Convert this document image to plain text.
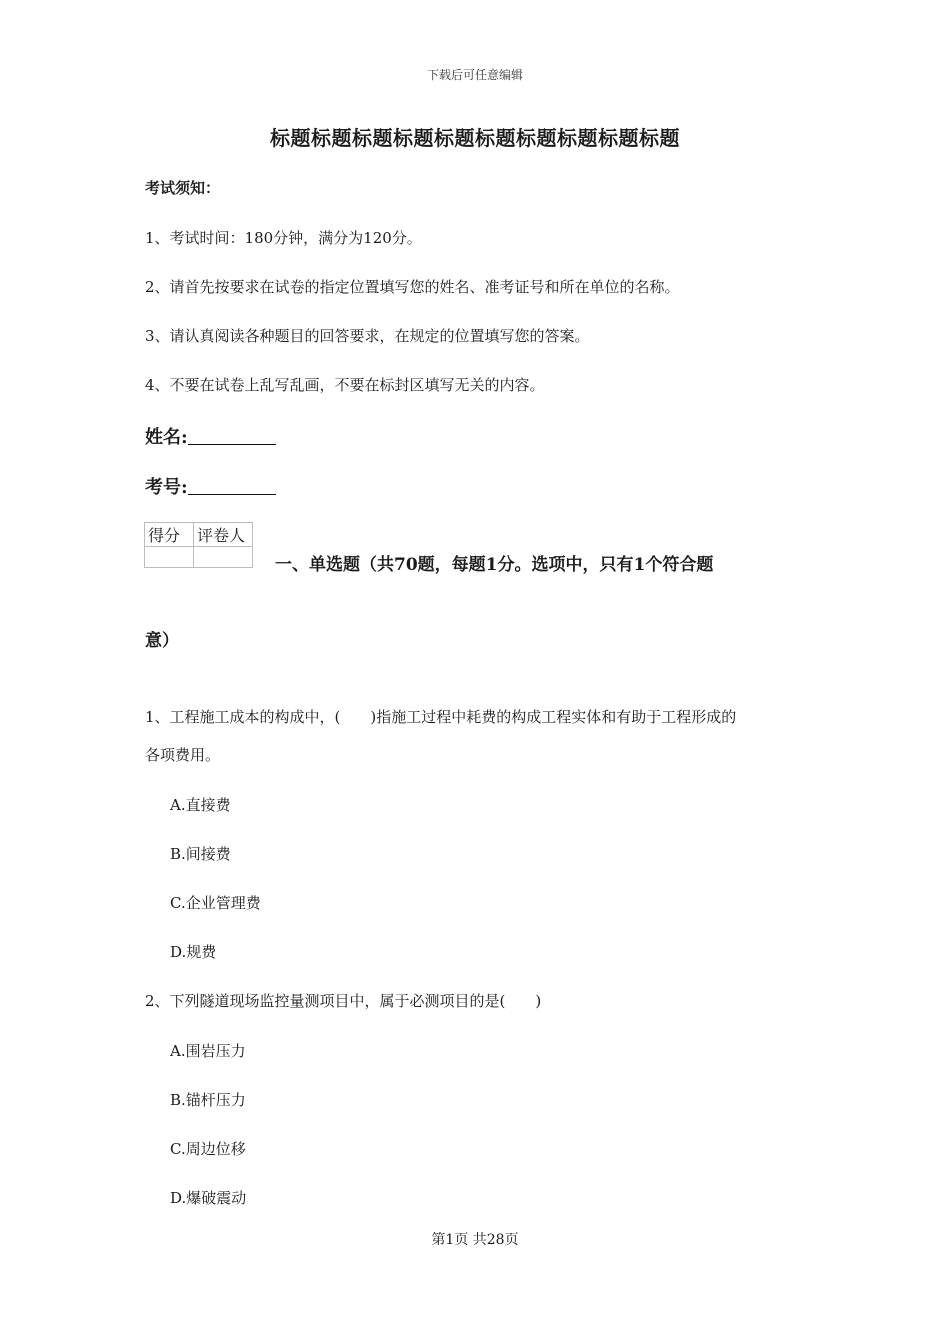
下载后可任意编辑
标题标题标题标题标题标题标题标题标题标题
考试须知：
1、考试时间：180分钟，满分为120分。
2、请首先按要求在试卷的指定位置填写您的姓名、准考证号和所在单位的名称。
3、请认真阅读各种题目的回答要求，在规定的位置填写您的答案。
4、不要在试卷上乱写乱画，不要在标封区填写无关的内容。
姓名:
考号:
得分	评卷人

一、单选题（共70题，每题1分。选项中，只有1个符合题
意）
1、工程施工成本的构成中，(　　)指施工过程中耗费的构成工程实体和有助于工程形成的
各项费用。
A.直接费
B.间接费
C.企业管理费
D.规费
2、下列隧道现场监控量测项目中，属于必测项目的是(　　)
A.围岩压力
B.锚杆压力
C.周边位移
D.爆破震动
第1页 共28页
